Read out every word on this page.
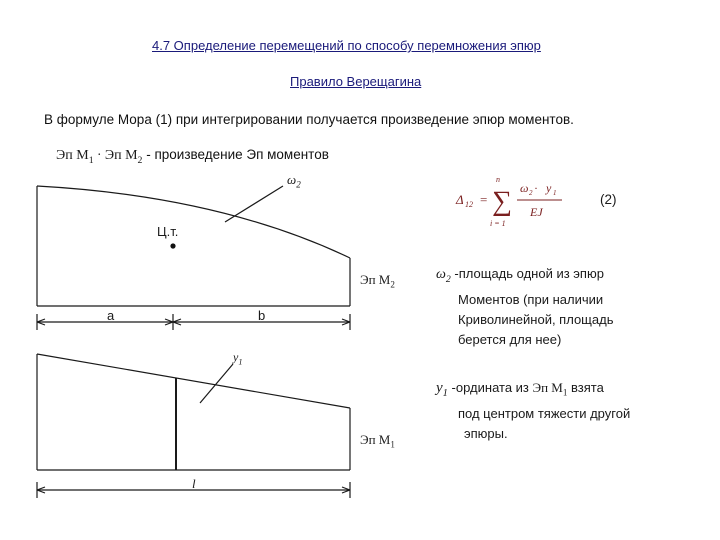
4.7 Определение перемещений по способу перемножения эпюр
Правило Верещагина
В формуле Мора (1) при интегрировании получается произведение эпюр моментов.
Эп $M_1$ · Эп $M_2$ - произведение Эп моментов
$\omega_2$
Ц.т.
Эп $M_2$
a	b
$y_1$
Эп $M_1$
l
Δ 12 =
n
∑
i = 1
ω 2 · y 1
EJ
(2)
$\omega_2$ -площадь одной из эпюр
Моментов (при наличии
Криволинейной, площадь
берется для нее)
$y_1$ -ордината из Эп $M_1$ взята
под центром тяжести другой
эпюры.
